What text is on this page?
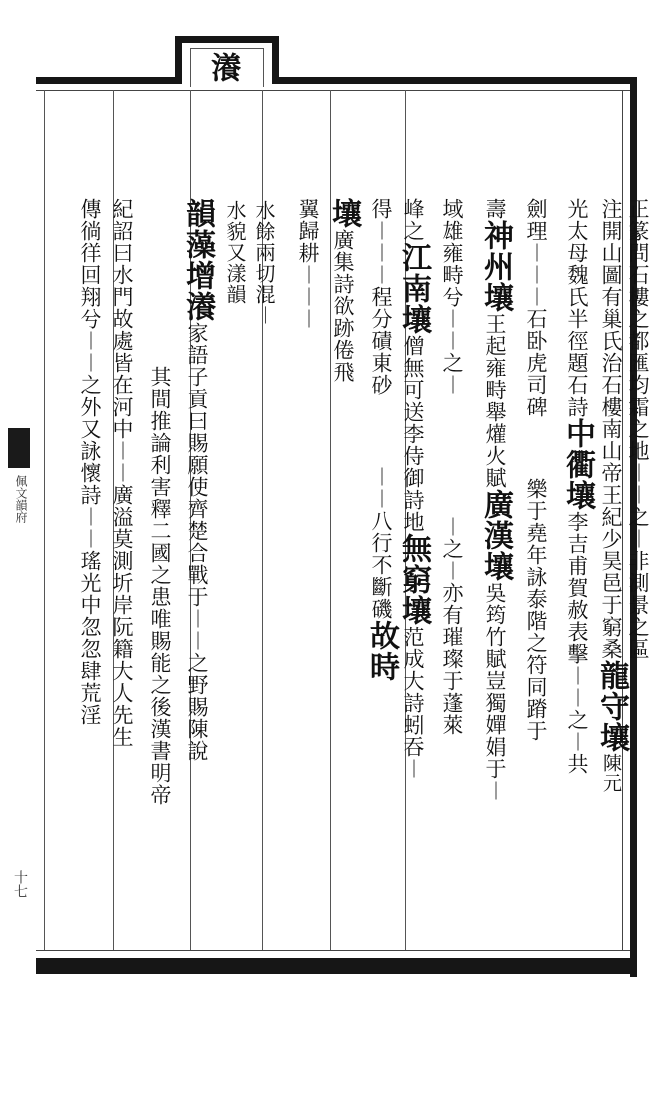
佩文韻府
十七
瀁

正篆問石樓之都匯均霜之地︱︱之︱非測景之區

注開山圖有巢氏治石樓南山帝王紀少昊邑于窮桑龍守壤陳元

光太母魏氏半徑題石詩中衢壤李吉甫賀赦表擊︱︱之︱共

劍理︱︱︱石卧虎司碑樂于堯年詠泰階之符同蹐于

壽神州壤王起雍畤舉爟火賦廣漢壤吳筠竹賦豈獨嬋娟于︱

域雄雍畤兮︱︱之︱︱之︱亦有璀璨于蓬萊

峰之江南壤僧無可送李侍御詩地無窮壤范成大詩蚓吞︱

得︱︱︱程分磧東砂︱︱八行不斷磯故時

壤廣集詩欲跡倦飛

翼歸耕︱︱︱

水餘兩切混︱

水貌又漾韻

韻藻增瀁家語子貢曰賜願使齊楚合戰于︱︱之野賜陳說

其間推論利害釋二國之患唯賜能之後漢書明帝

紀詔曰水門故處皆在河中︱︱廣溢莫測圻岸阮籍大人先生

傳徜徉回翔兮︱︱之外又詠懷詩︱︱瑤光中忽忽肆荒淫
